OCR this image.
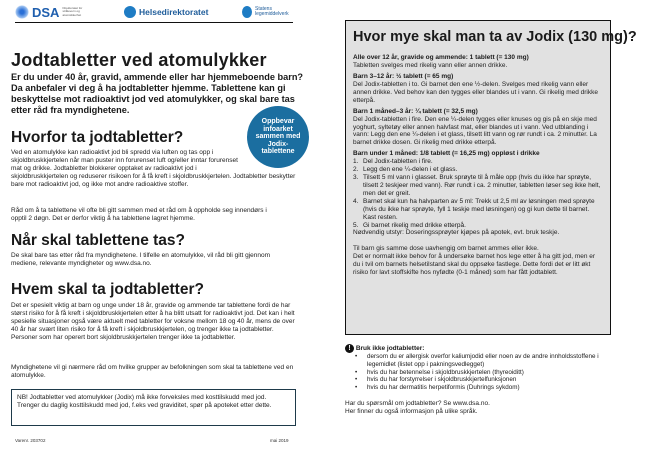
DSA Direktoratet for strålevern og atomsikkerhet	Helsedirektoratet	Statens legemiddelverk
Jodtabletter ved atomulykker
Er du under 40 år, gravid, ammende eller har hjemmeboende barn? Da anbefaler vi deg å ha jodtabletter hjemme. Tablettene kan gi beskyttelse mot radioaktivt jod ved atomulykker, og skal bare tas etter råd fra myndighetene.
Oppbevar infoarket sammen med Jodix-tablettene
Hvorfor ta jodtabletter?
Ved en atomulykke kan radioaktivt jod bli spredd via luften og tas opp i skjoldbruskkjertelen når man puster inn forurenset luft og/eller inntar forurenset mat og drikke. Jodtabletter blokkerer opptaket av radioaktivt jod i skjoldbruskkjertelen og reduserer risikoen for å få kreft i skjoldbruskkjertelen. Jodtabletter beskytter bare mot radioaktivt jod, og ikke mot andre radioaktive stoffer.
Råd om å ta tablettene vil ofte bli gitt sammen med et råd om å oppholde seg innendørs i opptil 2 døgn. Det er derfor viktig å ha tablettene lagret hjemme.
Når skal tablettene tas?
De skal bare tas etter råd fra myndighetene. I tilfelle en atomulykke, vil råd bli gitt gjennom mediene, relevante myndigheter og www.dsa.no.
Hvem skal ta jodtabletter?
Det er spesielt viktig at barn og unge under 18 år, gravide og ammende tar tablettene fordi de har størst risiko for å få kreft i skjoldbruskkjertelen etter å ha blitt utsatt for radioaktivt jod. Det kan i helt spesielle situasjoner også være aktuelt med tabletter for voksne mellom 18 og 40 år, mens de over 40 år har svært liten risiko for å få kreft i skjoldbruskkjertelen, og trenger ikke ta jodtabletter. Personer som har operert bort skjoldbruskkjertelen trenger ikke ta jodtabletter.
Myndighetene vil gi nærmere råd om hvilke grupper av befolkningen som skal ta tablettene ved en atomulykke.
NB! Jodtabletter ved atomulykker (Jodix) må ikke forveksles med kosttilskudd med jod. Trenger du daglig kosttilskudd med jod, f.eks ved graviditet, spør på apoteket etter dette.
Varenr. 203702	mai 2019
Hvor mye skal man ta av Jodix (130 mg)?
Alle over 12 år, gravide og ammende: 1 tablett (= 130 mg)
Tabletten svelges med rikelig vann eller annen drikke.
Barn 3–12 år: ½ tablett (= 65 mg)
Del Jodix-tabletten i to. Gi barnet den ene ½-delen. Svelges med rikelig vann eller annen drikke. Ved behov kan den tygges eller blandes ut i vann. Gi rikelig med drikke etterpå.
Barn 1 måned–3 år: ¼ tablett (= 32,5 mg)
Del Jodix-tabletten i fire. Den ene ¼-delen tygges eller knuses og gis på en skje med yoghurt, syltetøy eller annen halvfast mat, eller blandes ut i vann. Ved utblanding i vann: Legg den ene ¼-delen i et glass, tilsett litt vann og rør rundt i ca. 2 minutter. La barnet drikke dosen. Gi rikelig med drikke etterpå.
Barn under 1 måned: 1/8 tablett (= 16,25 mg) oppløst i drikke
1. Del Jodix-tabletten i fire.
2. Legg den ene ¼-delen i et glass.
3. Tilsett 5 ml vann i glasset. Bruk sprøyte til å måle opp (hvis du ikke har sprøyte, tilsett 2 teskjeer med vann). Rør rundt i ca. 2 minutter, tabletten løser seg ikke helt, men det er greit.
4. Barnet skal kun ha halvparten av 5 ml: Trekk ut 2,5 ml av løsningen med sprøyte (hvis du ikke har sprøyte, fyll 1 teskje med løsningen) og gi kun dette til barnet. Kast resten.
5. Gi barnet rikelig med drikke etterpå.
Nødvendig utstyr: Doseringssprøyter kjøpes på apotek, evt. bruk teskje.
Til barn gis samme dose uavhengig om barnet ammes eller ikke.
Det er normalt ikke behov for å undersøke barnet hos lege etter å ha gitt jod, men er du i tvil om barnets helsetilstand skal du oppsøke fastlege. Dette fordi det er litt økt risiko for lavt stoffskifte hos nyfødte (0-1 måned) som har fått jodtablett.
! Bruk ikke jodtabletter:
•	dersom du er allergisk overfor kaliumjodid eller noen av de andre innholdsstoffene i legemidlet (listet opp i pakningsvedlegget)
•	hvis du har betennelse i skjoldbruskkjertelen (thyreoiditt)
•	hvis du har forstyrrelser i skjoldbruskkjertelfunksjonen
•	hvis du har dermatitis herpetiformis (Duhrings sykdom)
Har du spørsmål om jodtabletter? Se www.dsa.no.
Her finner du også informasjon på ulike språk.
